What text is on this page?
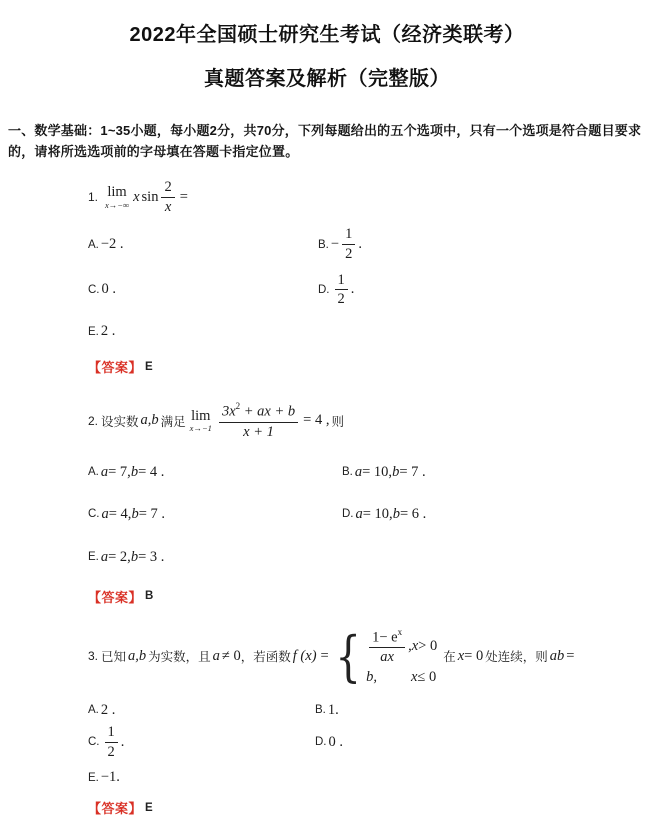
2022年全国硕士研究生考试（经济类联考）
真题答案及解析（完整版）
一、数学基础：1~35小题，每小题2分，共70分，下列每题给出的五个选项中，只有一个选项是符合题目要求的，请将所选选项前的字母填在答题卡指定位置。
1. lim
x→−∞ x $\sin \frac{2}{x}$ =
A. −2 .	B. − $\frac{1}{2}$ .
C. 0 .	D. $\frac{1}{2}$ .
E. 2 .
【答案】 E
2. 设实数 a,b 满足 lim
$x\to-1 \frac{3x^2 + ax + b}{x + 1} = 4$ , 则
A. a = 7, b = 4 .	B. a = 10, b = 7 .
C. a = 4, b = 7 .	D. a = 10, b = 6 .
E. a = 2, b = 3 .
【答案】 B
3. 已知 a,b 为实数，且 a ≠ 0 ，若函数 f (x) = { $\frac{1- e^x}{ax}$ , x > 0
b, x ≤ 0
在 x = 0 处连续，则 ab =
A. 2 .	B. 1.
C. $\frac{1}{2}$ .	D. 0 .
E. −1.
【答案】 E
